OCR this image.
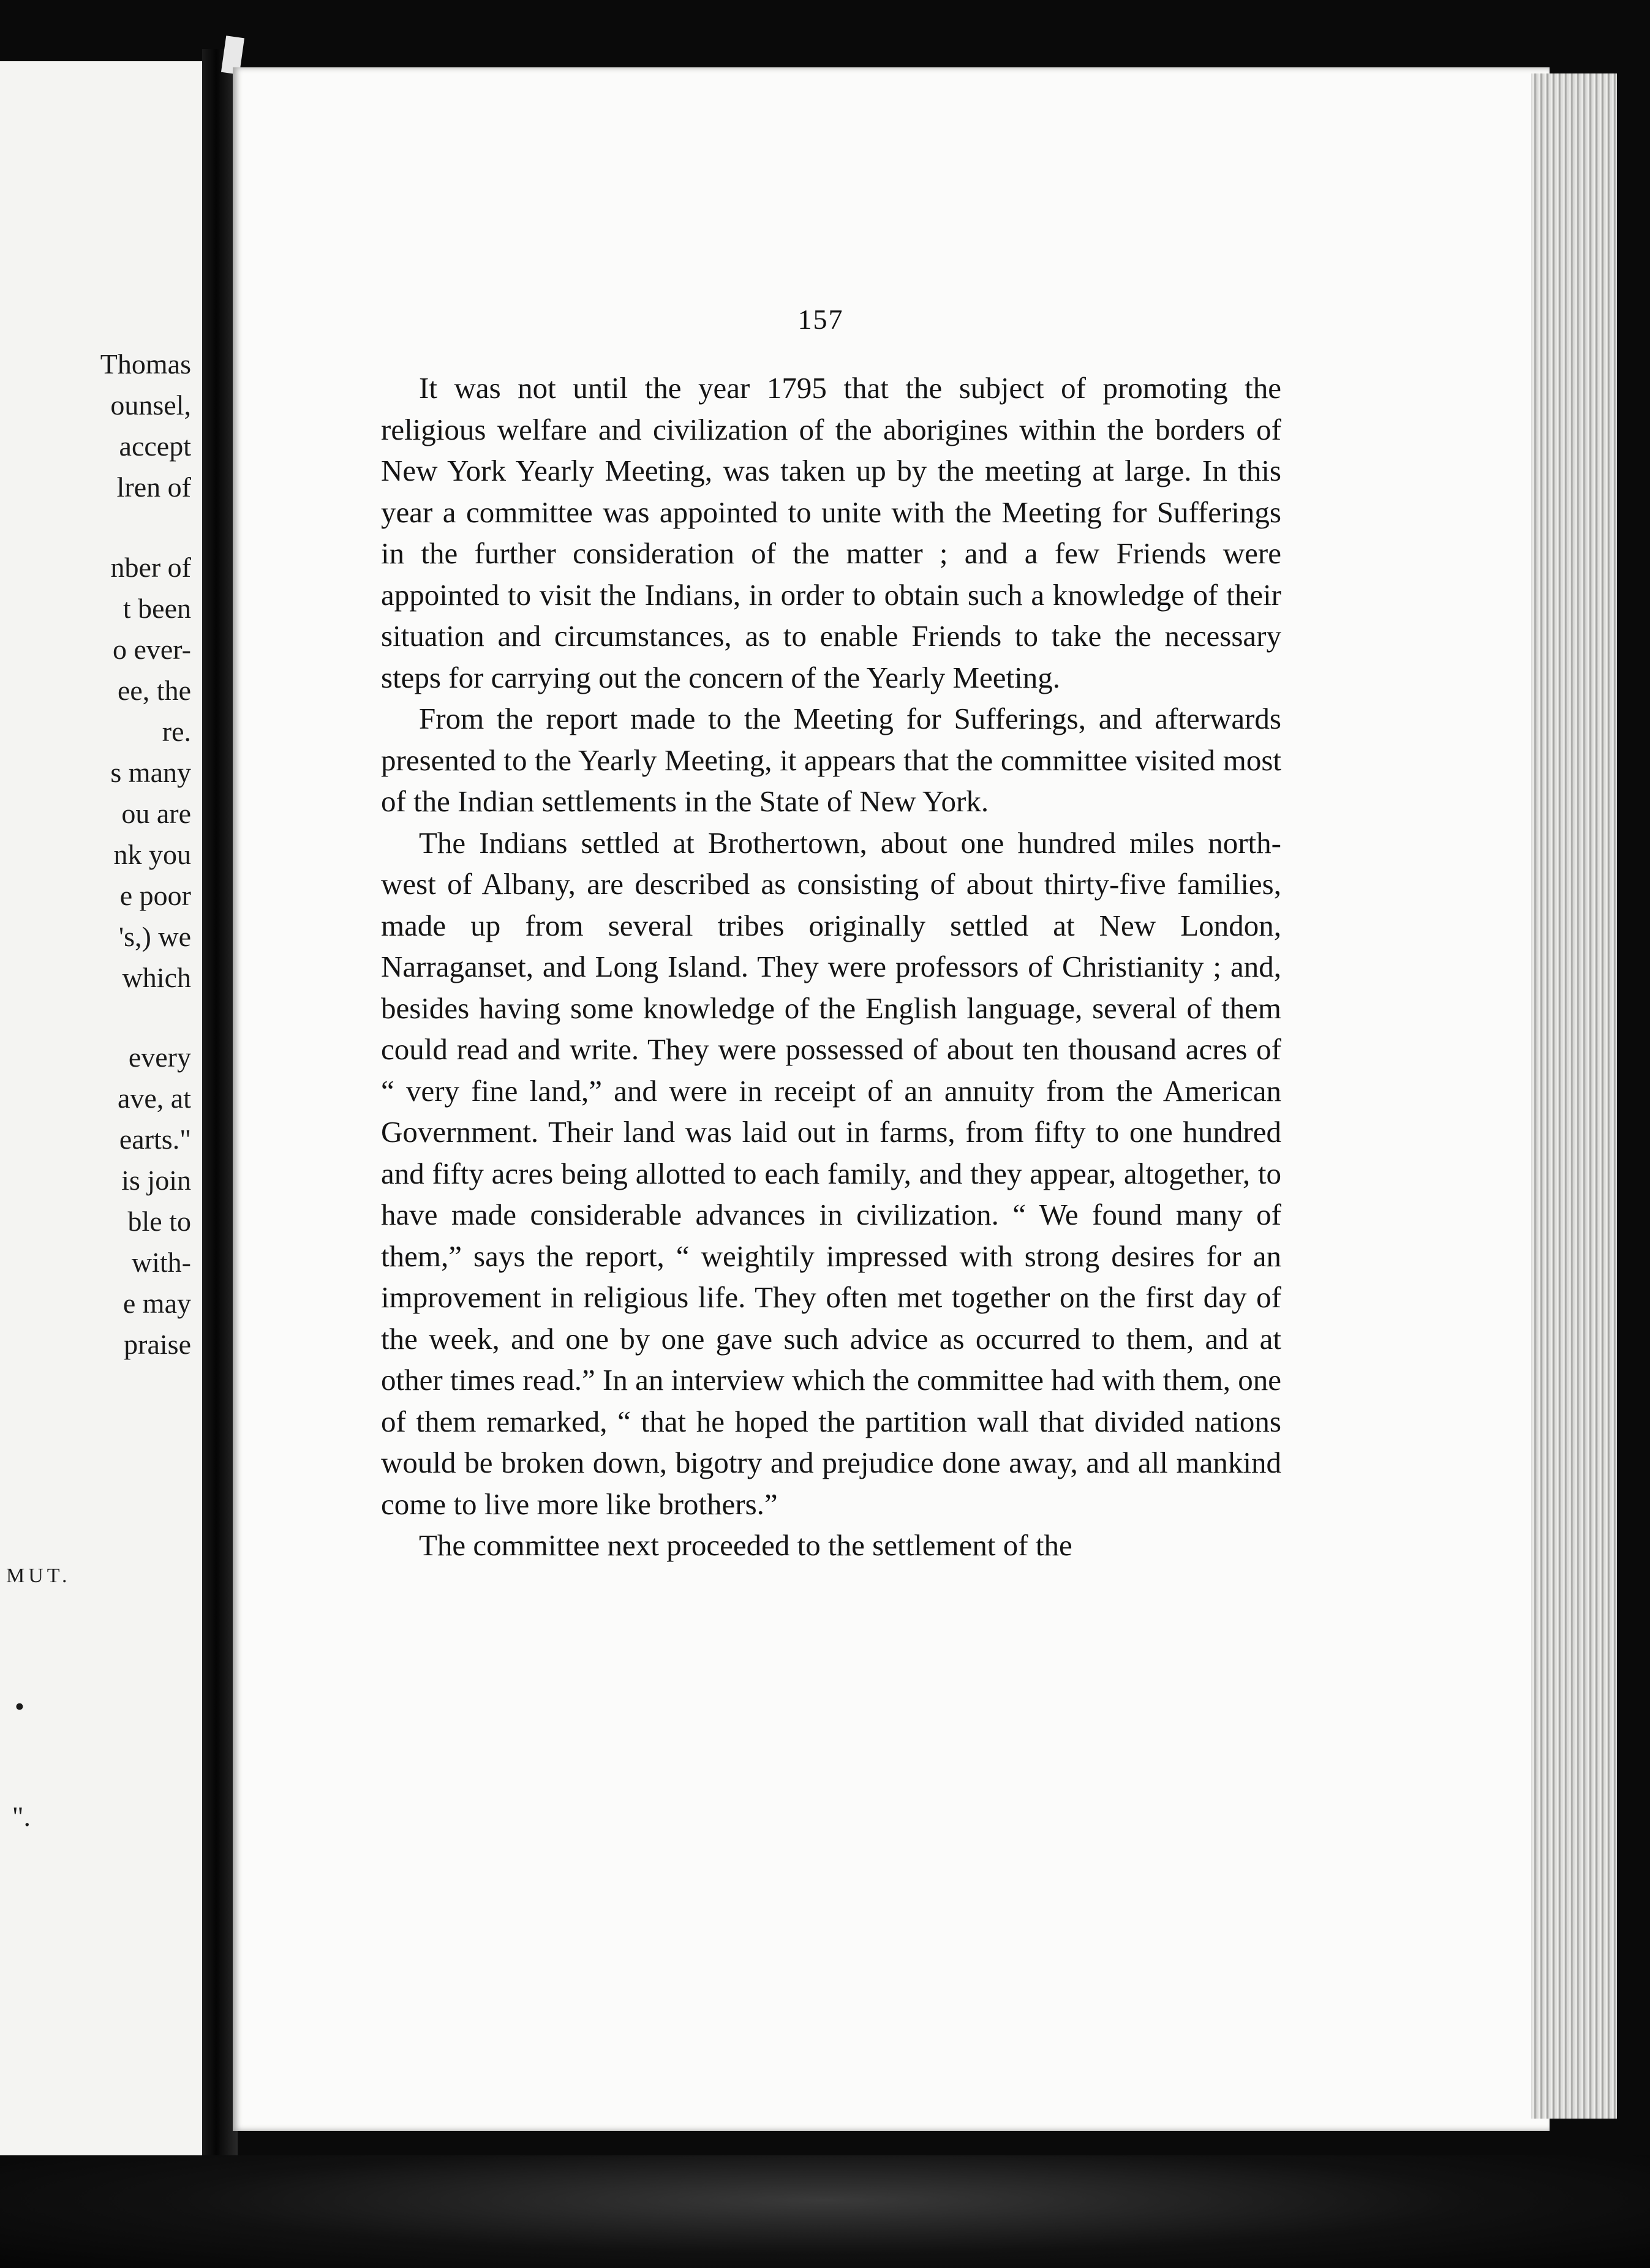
Thomas
ounsel,
accept
lren of
nber of
t been
o ever-
ee, the
re.
s many
ou are
nk you
e poor
's,) we
which
every
ave, at
earts."
is join
ble to
with-
e may
praise
MUT.
•
".
157

It was not until the year 1795 that the subject of promoting the religious welfare and civilization of the aborigines within the borders of New York Yearly Meeting, was taken up by the meeting at large. In this year a committee was appointed to unite with the Meeting for Sufferings in the further consideration of the matter ; and a few Friends were appointed to visit the Indians, in order to obtain such a knowledge of their situation and circumstances, as to enable Friends to take the necessary steps for carrying out the concern of the Yearly Meeting.

From the report made to the Meeting for Sufferings, and afterwards presented to the Yearly Meeting, it appears that the committee visited most of the Indian settlements in the State of New York.

The Indians settled at Brothertown, about one hundred miles north-west of Albany, are described as consisting of about thirty-five families, made up from several tribes originally settled at New London, Narraganset, and Long Island. They were professors of Christianity ; and, besides having some knowledge of the English language, several of them could read and write. They were possessed of about ten thousand acres of “ very fine land,” and were in receipt of an annuity from the American Government. Their land was laid out in farms, from fifty to one hundred and fifty acres being allotted to each family, and they appear, altogether, to have made considerable advances in civilization. “ We found many of them,” says the report, “ weightily impressed with strong desires for an improvement in religious life. They often met together on the first day of the week, and one by one gave such advice as occurred to them, and at other times read.” In an interview which the committee had with them, one of them remarked, “ that he hoped the partition wall that divided nations would be broken down, bigotry and prejudice done away, and all mankind come to live more like brothers.”

The committee next proceeded to the settlement of the
